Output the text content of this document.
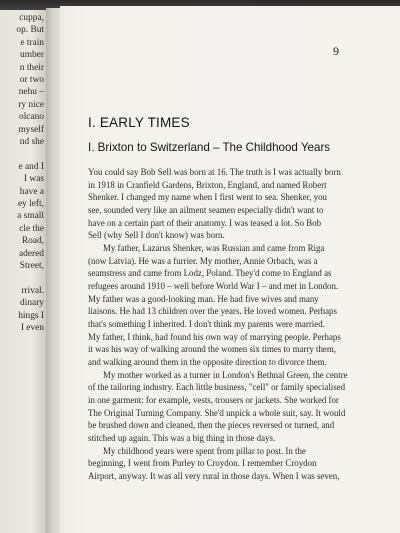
cuppa,
op. But
e train
umber
n their
or two
nehu –
ry nice
olcano
myself
nd she
e and I
I was
have a
ey left,
a small
cle the
Road,
adered
Street,
rrival.
dinary
hings I
I even
9
I. EARLY TIMES
I. Brixton to Switzerland – The Childhood Years
You could say Bob Sell was born at 16. The truth is I was actually born
in 1918 in Cranfield Gardens, Brixton, England, and named Robert
Shenker. I changed my name when I first went to sea. Shenker, you
see, sounded very like an ailment seamen especially didn't want to
have on a certain part of their anatomy. I was teased a lot. So Bob
Sell (why Sell I don't know) was born.
My father, Lazarus Shenker, was Russian and came from Riga
(now Latvia). He was a furrier. My mother, Annie Orbach, was a
seamstress and came from Lodz, Poland. They'd come to England as
refugees around 1910 – well before World War I – and met in London.
My father was a good-looking man. He had five wives and many
liaisons. He had 13 children over the years. He loved women. Perhaps
that's something I inherited. I don't think my parents were married.
My father, I think, had found his own way of marrying people. Perhaps
it was his way of walking around the women six times to marry them,
and walking around them in the opposite direction to divorce them.
My mother worked as a turner in London's Bethnal Green, the centre
of the tailoring industry. Each little business, "cell" or family specialised
in one garment: for example, vests, trousers or jackets. She worked for
The Original Turning Company. She'd unpick a whole suit, say. It would
be brushed down and cleaned, then the pieces reversed or turned, and
stitched up again. This was a big thing in those days.
My childhood years were spent from pillar to post. In the
beginning, I went from Purley to Croydon. I remember Croydon
Airport, anyway. It was all very rural in those days. When I was seven,
